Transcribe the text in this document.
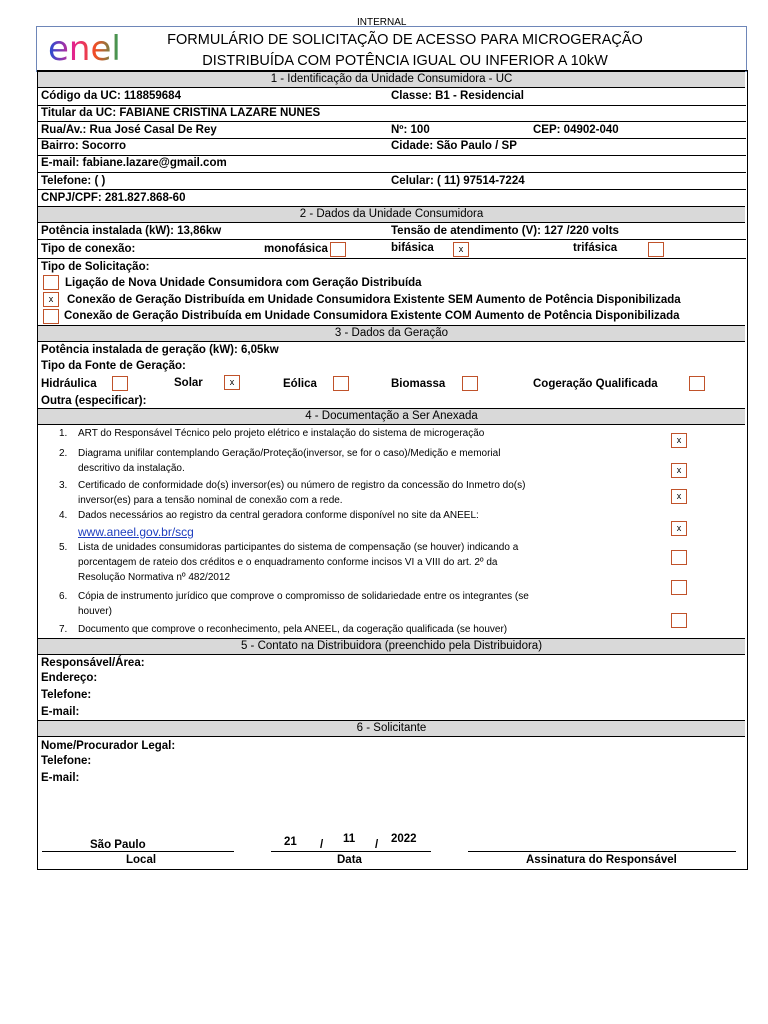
INTERNAL
enel	FORMULÁRIO DE SOLICITAÇÃO DE ACESSO PARA MICROGERAÇÃO
DISTRIBUÍDA COM POTÊNCIA IGUAL OU INFERIOR A 10kW
1 - Identificação da Unidade Consumidora - UC
Código da UC: 118859684	Classe: B1 - Residencial
Titular da UC: FABIANE CRISTINA LAZARE NUNES
Rua/Av.: Rua José Casal De Rey	Nº: 100	CEP: 04902-040
Bairro: Socorro	Cidade: São Paulo / SP
E-mail: fabiane.lazare@gmail.com
Telefone: ( )	Celular: ( 11) 97514-7224
CNPJ/CPF: 281.827.868-60
2 - Dados da Unidade Consumidora
Potência instalada (kW): 13,86kw	Tensão de atendimento (V): 127 /220 volts
Tipo de conexão:	monofásica	bifásica	x	trifásica
Tipo de Solicitação:
Ligação de Nova Unidade Consumidora com Geração Distribuída
x	Conexão de Geração Distribuída em Unidade Consumidora Existente SEM Aumento de Potência Disponibilizada
Conexão de Geração Distribuída em Unidade Consumidora Existente COM Aumento de Potência Disponibilizada
3 - Dados da Geração
Potência instalada de geração (kW): 6,05kw
Tipo da Fonte de Geração:
Hidráulica	Solar	x	Eólica	Biomassa	Cogeração Qualificada
Outra (especificar):
4 - Documentação a Ser Anexada
1. ART do Responsável Técnico pelo projeto elétrico e instalação do sistema de microgeração
x
2. Diagrama unifilar contemplando Geração/Proteção(inversor, se for o caso)/Medição e memorial
descritivo da instalação.	x
3. Certificado de conformidade do(s) inversor(es) ou número de registro da concessão do Inmetro do(s)
inversor(es) para a tensão nominal de conexão com a rede.	x
4. Dados necessários ao registro da central geradora conforme disponível no site da ANEEL:
www.aneel.gov.br/scg	x
5. Lista de unidades consumidoras participantes do sistema de compensação (se houver) indicando a
porcentagem de rateio dos créditos e o enquadramento conforme incisos VI a VIII do art. 2º da
Resolução Normativa nº 482/2012
6. Cópia de instrumento jurídico que comprove o compromisso de solidariedade entre os integrantes (se
houver)
7. Documento que comprove o reconhecimento, pela ANEEL, da cogeração qualificada (se houver)
5 - Contato na Distribuidora (preenchido pela Distribuidora)
Responsável/Área:
Endereço:
Telefone:
E-mail:
6 - Solicitante
Nome/Procurador Legal:
Telefone:
E-mail:
São Paulo	21 / 11 / 2022
Local	Data	Assinatura do Responsável
